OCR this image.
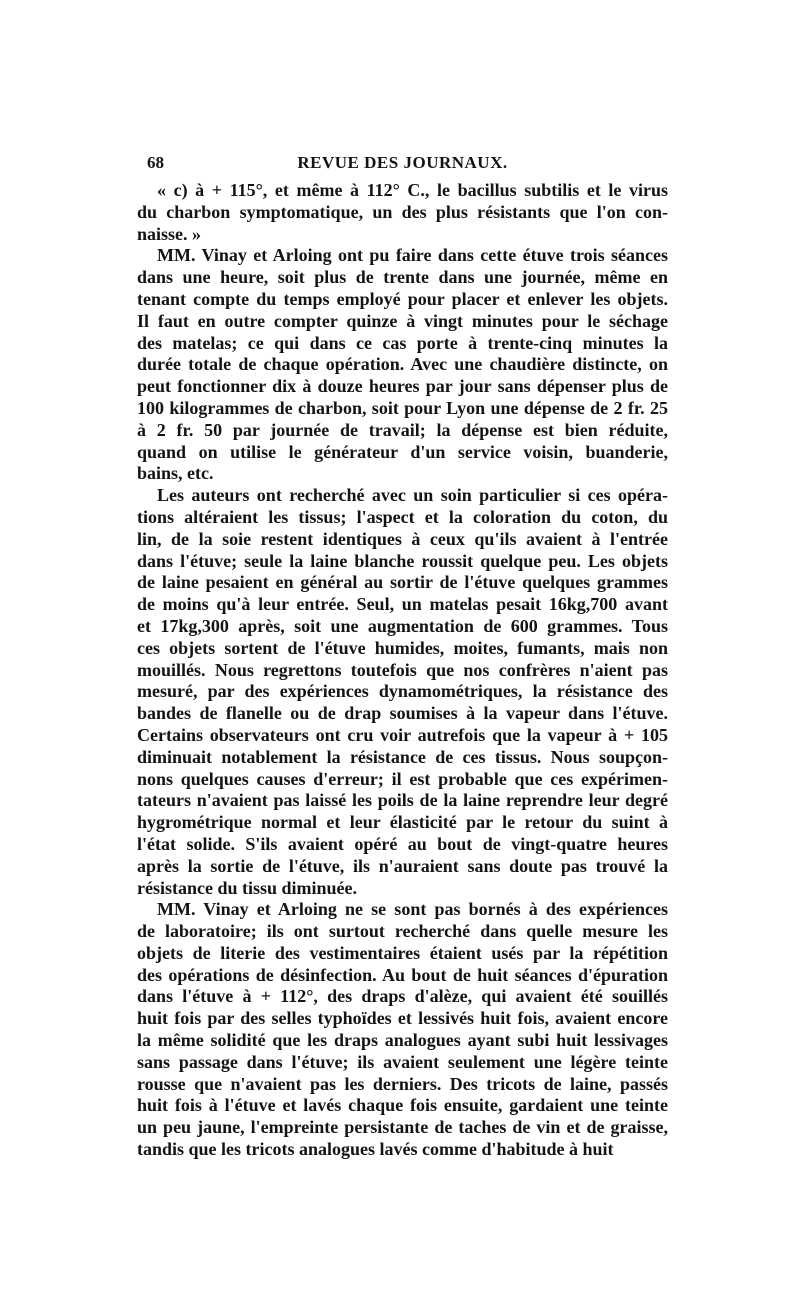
68	REVUE DES JOURNAUX.
« c) à + 115°, et même à 112° C., le bacillus subtilis et le virus
du charbon symptomatique, un des plus résistants que l'on con-
naisse. »
MM. Vinay et Arloing ont pu faire dans cette étuve trois séances
dans une heure, soit plus de trente dans une journée, même en
tenant compte du temps employé pour placer et enlever les objets.
Il faut en outre compter quinze à vingt minutes pour le séchage
des matelas; ce qui dans ce cas porte à trente-cinq minutes la
durée totale de chaque opération. Avec une chaudière distincte, on
peut fonctionner dix à douze heures par jour sans dépenser plus de
100 kilogrammes de charbon, soit pour Lyon une dépense de 2 fr. 25
à 2 fr. 50 par journée de travail; la dépense est bien réduite,
quand on utilise le générateur d'un service voisin, buanderie,
bains, etc.
Les auteurs ont recherché avec un soin particulier si ces opéra-
tions altéraient les tissus; l'aspect et la coloration du coton, du
lin, de la soie restent identiques à ceux qu'ils avaient à l'entrée
dans l'étuve; seule la laine blanche roussit quelque peu. Les objets
de laine pesaient en général au sortir de l'étuve quelques grammes
de moins qu'à leur entrée. Seul, un matelas pesait 16kg,700 avant
et 17kg,300 après, soit une augmentation de 600 grammes. Tous
ces objets sortent de l'étuve humides, moites, fumants, mais non
mouillés. Nous regrettons toutefois que nos confrères n'aient pas
mesuré, par des expériences dynamométriques, la résistance des
bandes de flanelle ou de drap soumises à la vapeur dans l'étuve.
Certains observateurs ont cru voir autrefois que la vapeur à + 105
diminuait notablement la résistance de ces tissus. Nous soupçon-
nons quelques causes d'erreur; il est probable que ces expérimen-
tateurs n'avaient pas laissé les poils de la laine reprendre leur degré
hygrométrique normal et leur élasticité par le retour du suint à
l'état solide. S'ils avaient opéré au bout de vingt-quatre heures
après la sortie de l'étuve, ils n'auraient sans doute pas trouvé la
résistance du tissu diminuée.
MM. Vinay et Arloing ne se sont pas bornés à des expériences
de laboratoire; ils ont surtout recherché dans quelle mesure les
objets de literie des vestimentaires étaient usés par la répétition
des opérations de désinfection. Au bout de huit séances d'épuration
dans l'étuve à + 112°, des draps d'alèze, qui avaient été souillés
huit fois par des selles typhoïdes et lessivés huit fois, avaient encore
la même solidité que les draps analogues ayant subi huit lessivages
sans passage dans l'étuve; ils avaient seulement une légère teinte
rousse que n'avaient pas les derniers. Des tricots de laine, passés
huit fois à l'étuve et lavés chaque fois ensuite, gardaient une teinte
un peu jaune, l'empreinte persistante de taches de vin et de graisse,
tandis que les tricots analogues lavés comme d'habitude à huit
